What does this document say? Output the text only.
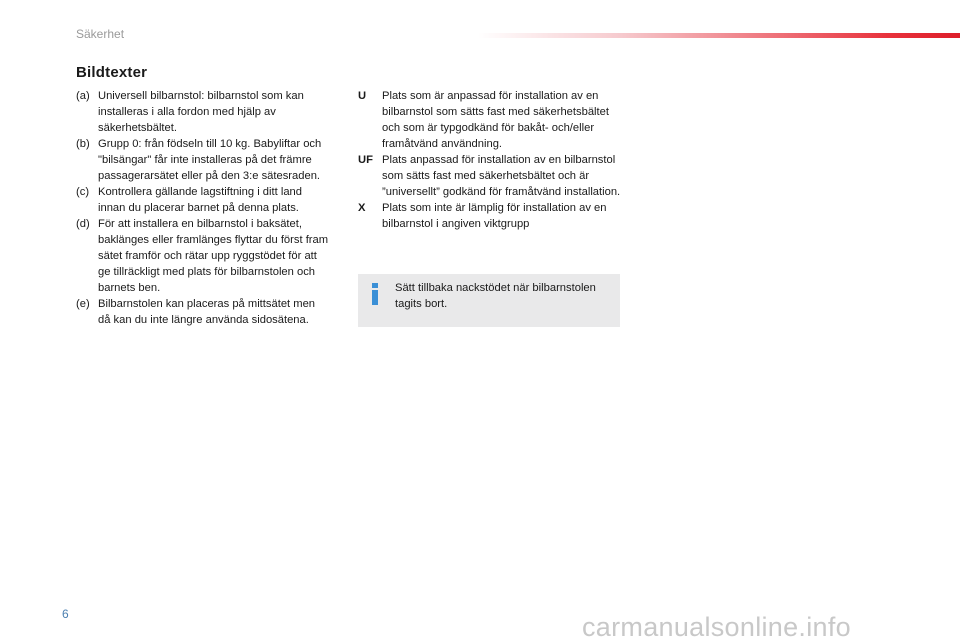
Säkerhet
Bildtexter
(a) Universell bilbarnstol: bilbarnstol som kan installeras i alla fordon med hjälp av säkerhetsbältet.
(b) Grupp 0: från födseln till 10 kg. Babyliftar och "bilsängar" får inte installeras på det främre passagerarsätet eller på den 3:e sätesraden.
(c) Kontrollera gällande lagstiftning i ditt land innan du placerar barnet på denna plats.
(d) För att installera en bilbarnstol i baksätet, baklänges eller framlänges flyttar du först fram sätet framför och rätar upp ryggstödet för att ge tillräckligt med plats för bilbarnstolen och barnets ben.
(e) Bilbarnstolen kan placeras på mittsätet men då kan du inte längre använda sidosätena.
U	Plats som är anpassad för installation av en bilbarnstol som sätts fast med säkerhetsbältet och som är typgodkänd för bakåt- och/eller framåtvänd användning.
UF Plats anpassad för installation av en bilbarnstol som sätts fast med säkerhetsbältet och är ”universellt” godkänd för framåtvänd installation.
X	Plats som inte är lämplig för installation av en bilbarnstol i angiven viktgrupp
Sätt tillbaka nackstödet när bilbarnstolen tagits bort.
6	carmanualsonline.info
